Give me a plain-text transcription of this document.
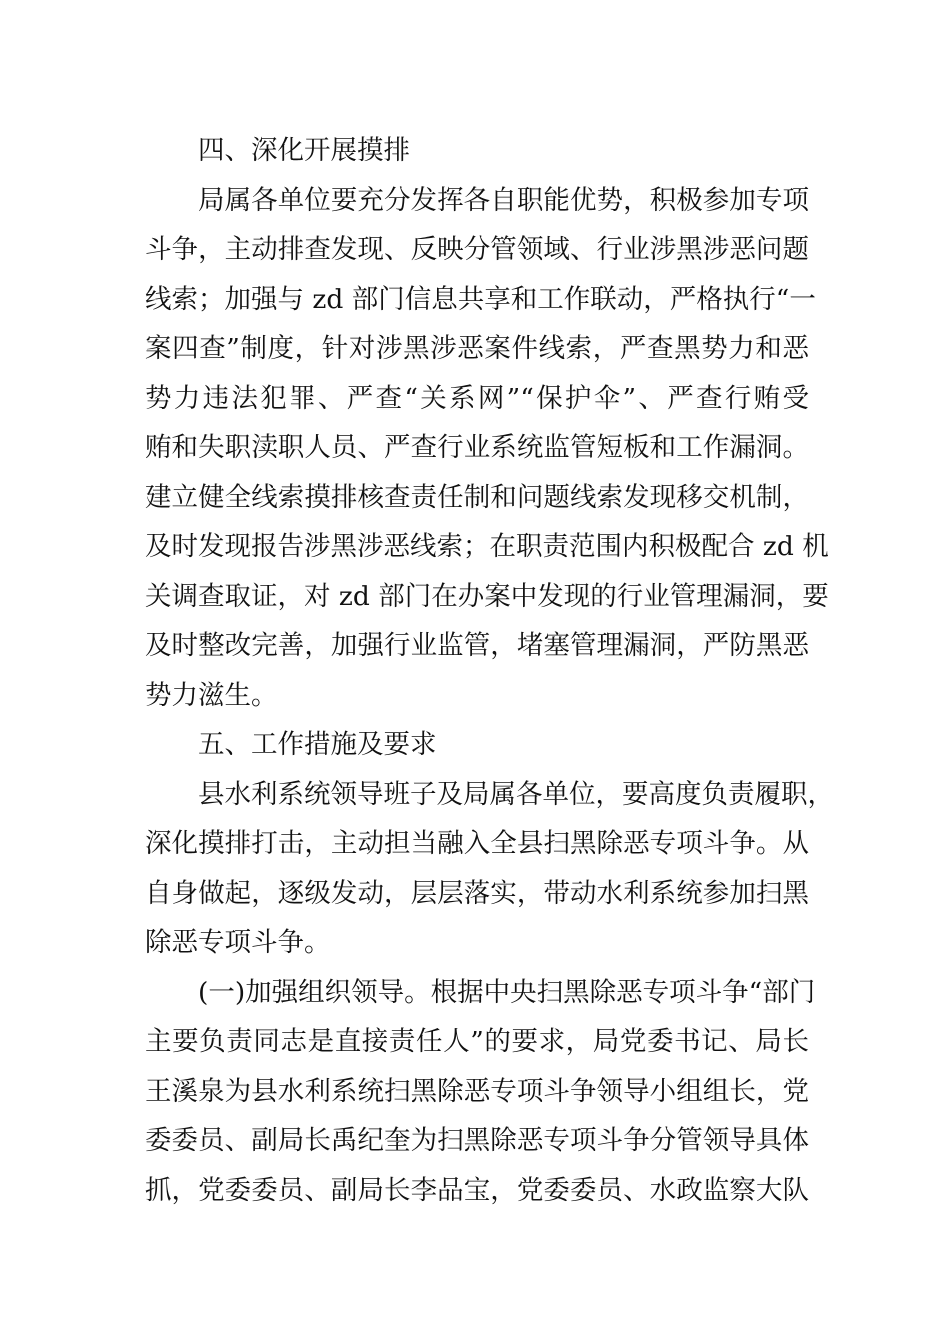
四、深化开展摸排
局属各单位要充分发挥各自职能优势，积极参加专项
斗争，主动排查发现、反映分管领域、行业涉黑涉恶问题
线索；加强与 zd 部门信息共享和工作联动，严格执行“一
案四查”制度，针对涉黑涉恶案件线索，严查黑势力和恶
势力违法犯罪、严查“关系网”“保护伞”、严查行贿受
贿和失职渎职人员、严查行业系统监管短板和工作漏洞。
建立健全线索摸排核查责任制和问题线索发现移交机制，
及时发现报告涉黑涉恶线索；在职责范围内积极配合 zd 机
关调查取证，对 zd 部门在办案中发现的行业管理漏洞，要
及时整改完善，加强行业监管，堵塞管理漏洞，严防黑恶
势力滋生。
五、工作措施及要求
县水利系统领导班子及局属各单位，要高度负责履职，
深化摸排打击，主动担当融入全县扫黑除恶专项斗争。从
自身做起，逐级发动，层层落实，带动水利系统参加扫黑
除恶专项斗争。
(一)加强组织领导。根据中央扫黑除恶专项斗争“部门
主要负责同志是直接责任人”的要求，局党委书记、局长
王溪泉为县水利系统扫黑除恶专项斗争领导小组组长，党
委委员、副局长禹纪奎为扫黑除恶专项斗争分管领导具体
抓，党委委员、副局长李品宝，党委委员、水政监察大队
